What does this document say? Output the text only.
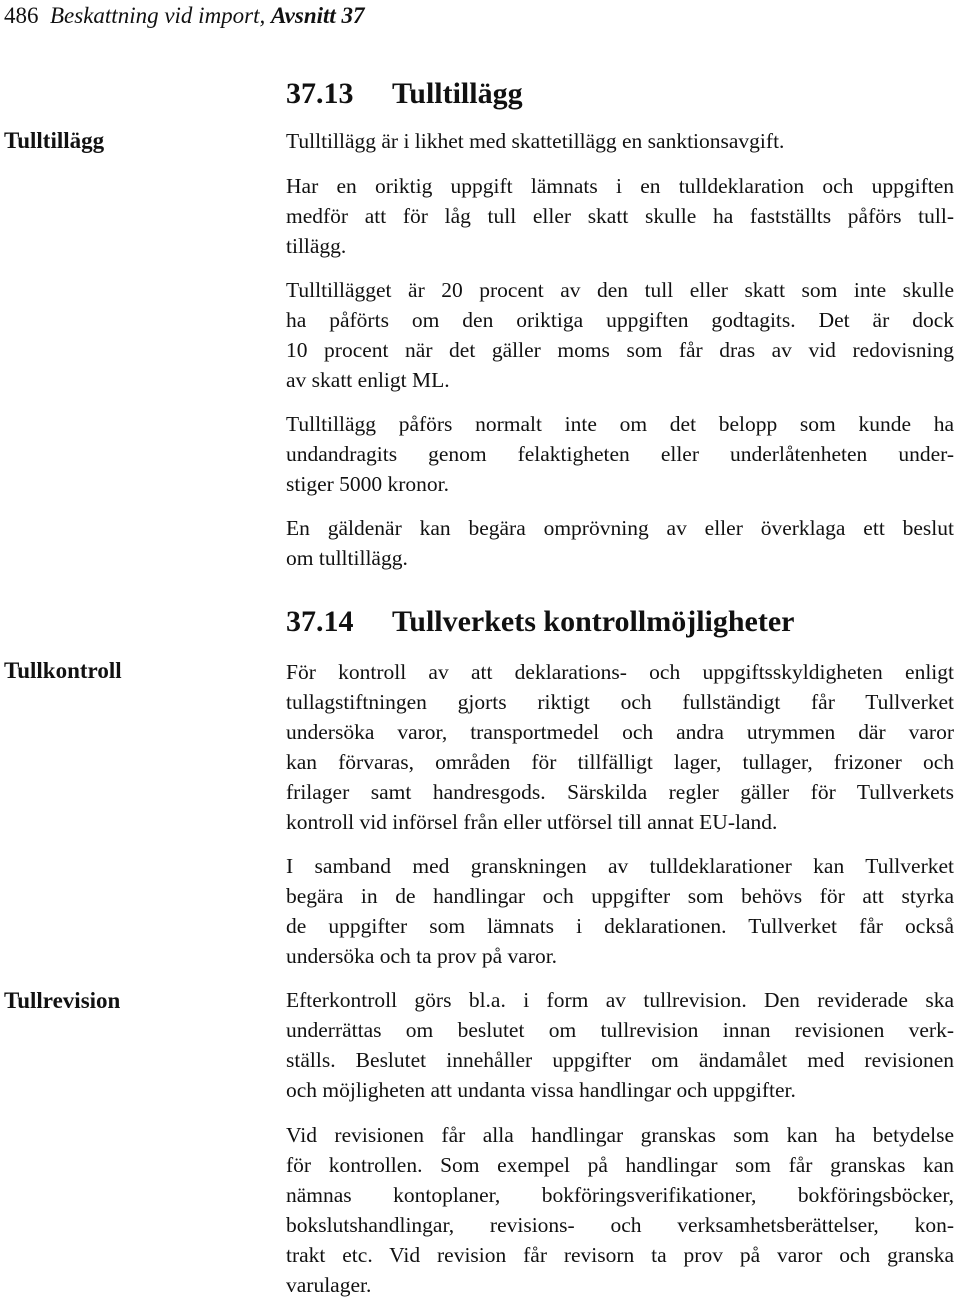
486 Beskattning vid import, Avsnitt 37
Tulltillägg
Tullkontroll
Tullrevision
37.13 Tulltillägg
Tulltillägg är i likhet med skattetillägg en sanktionsavgift.
Har en oriktig uppgift lämnats i en tulldeklaration och uppgiften
medför att för låg tull eller skatt skulle ha fastställts påförs tull-
tillägg.
Tulltillägget är 20 procent av den tull eller skatt som inte skulle
ha påförts om den oriktiga uppgiften godtagits. Det är dock
10 procent när det gäller moms som får dras av vid redovisning
av skatt enligt ML.
Tulltillägg påförs normalt inte om det belopp som kunde ha
undandragits genom felaktigheten eller underlåtenheten under-
stiger 5000 kronor.
En gäldenär kan begära omprövning av eller överklaga ett beslut
om tulltillägg.
37.14 Tullverkets kontrollmöjligheter
För kontroll av att deklarations- och uppgiftsskyldigheten enligt
tullagstiftningen gjorts riktigt och fullständigt får Tullverket
undersöka varor, transportmedel och andra utrymmen där varor
kan förvaras, områden för tillfälligt lager, tullager, frizoner och
frilager samt handresgods. Särskilda regler gäller för Tullverkets
kontroll vid införsel från eller utförsel till annat EU-land.
I samband med granskningen av tulldeklarationer kan Tullverket
begära in de handlingar och uppgifter som behövs för att styrka
de uppgifter som lämnats i deklarationen. Tullverket får också
undersöka och ta prov på varor.
Efterkontroll görs bl.a. i form av tullrevision. Den reviderade ska
underrättas om beslutet om tullrevision innan revisionen verk-
ställs. Beslutet innehåller uppgifter om ändamålet med revisionen
och möjligheten att undanta vissa handlingar och uppgifter.
Vid revisionen får alla handlingar granskas som kan ha betydelse
för kontrollen. Som exempel på handlingar som får granskas kan
nämnas kontoplaner, bokföringsverifikationer, bokföringsböcker,
bokslutshandlingar, revisions- och verksamhetsberättelser, kon-
trakt etc. Vid revision får revisorn ta prov på varor och granska
varulager.
